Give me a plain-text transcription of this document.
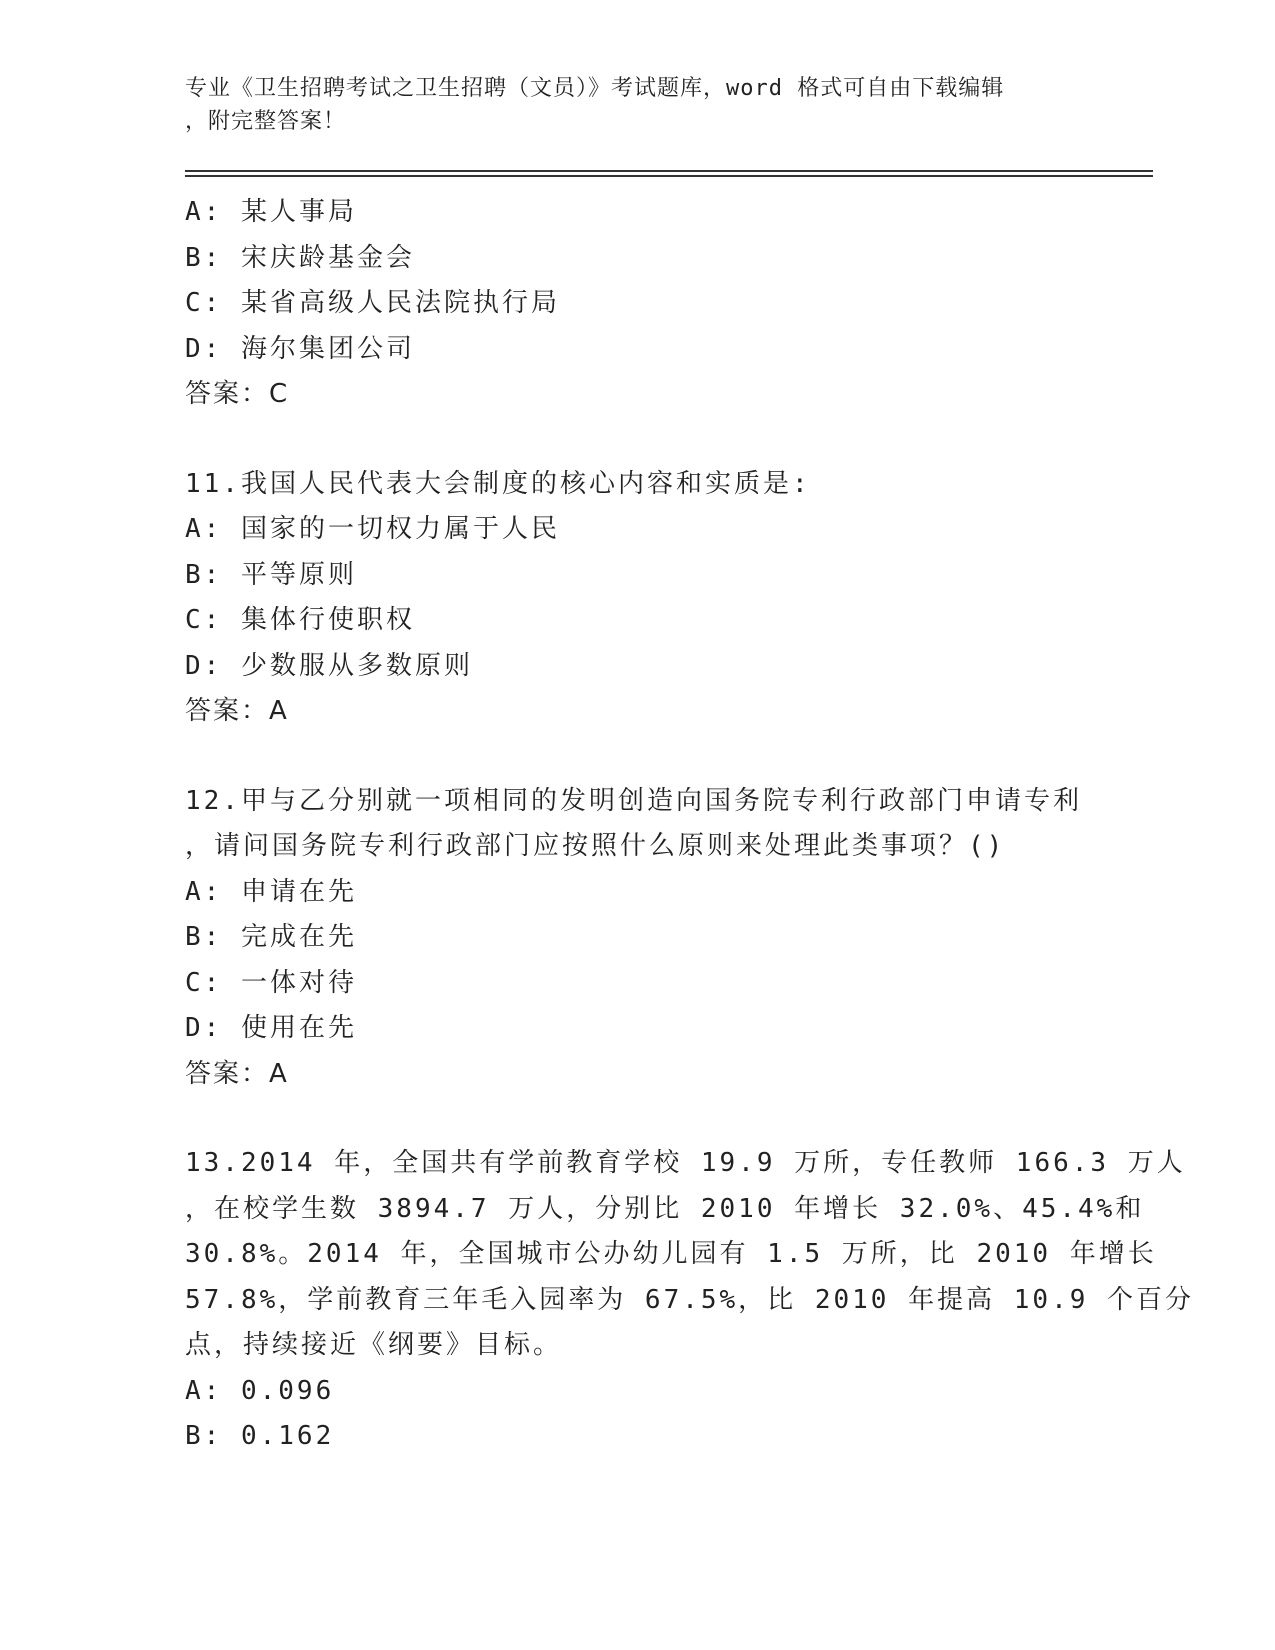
专业《卫生招聘考试之卫生招聘（文员）》考试题库，word 格式可自由下载编辑
，附完整答案！
A: 某人事局
B: 宋庆龄基金会
C: 某省高级人民法院执行局
D: 海尔集团公司
答案：C
11.我国人民代表大会制度的核心内容和实质是:
A: 国家的一切权力属于人民
B: 平等原则
C: 集体行使职权
D: 少数服从多数原则
答案：A
12.甲与乙分别就一项相同的发明创造向国务院专利行政部门申请专利
，请问国务院专利行政部门应按照什么原则来处理此类事项？()
A: 申请在先
B: 完成在先
C: 一体对待
D: 使用在先
答案：A
13.2014 年，全国共有学前教育学校 19.9 万所，专任教师 166.3 万人
，在校学生数 3894.7 万人，分别比 2010 年增长 32.0%、45.4%和
30.8%。2014 年，全国城市公办幼儿园有 1.5 万所，比 2010 年增长
57.8%，学前教育三年毛入园率为 67.5%，比 2010 年提高 10.9 个百分
点，持续接近《纲要》目标。
A: 0.096
B: 0.162
